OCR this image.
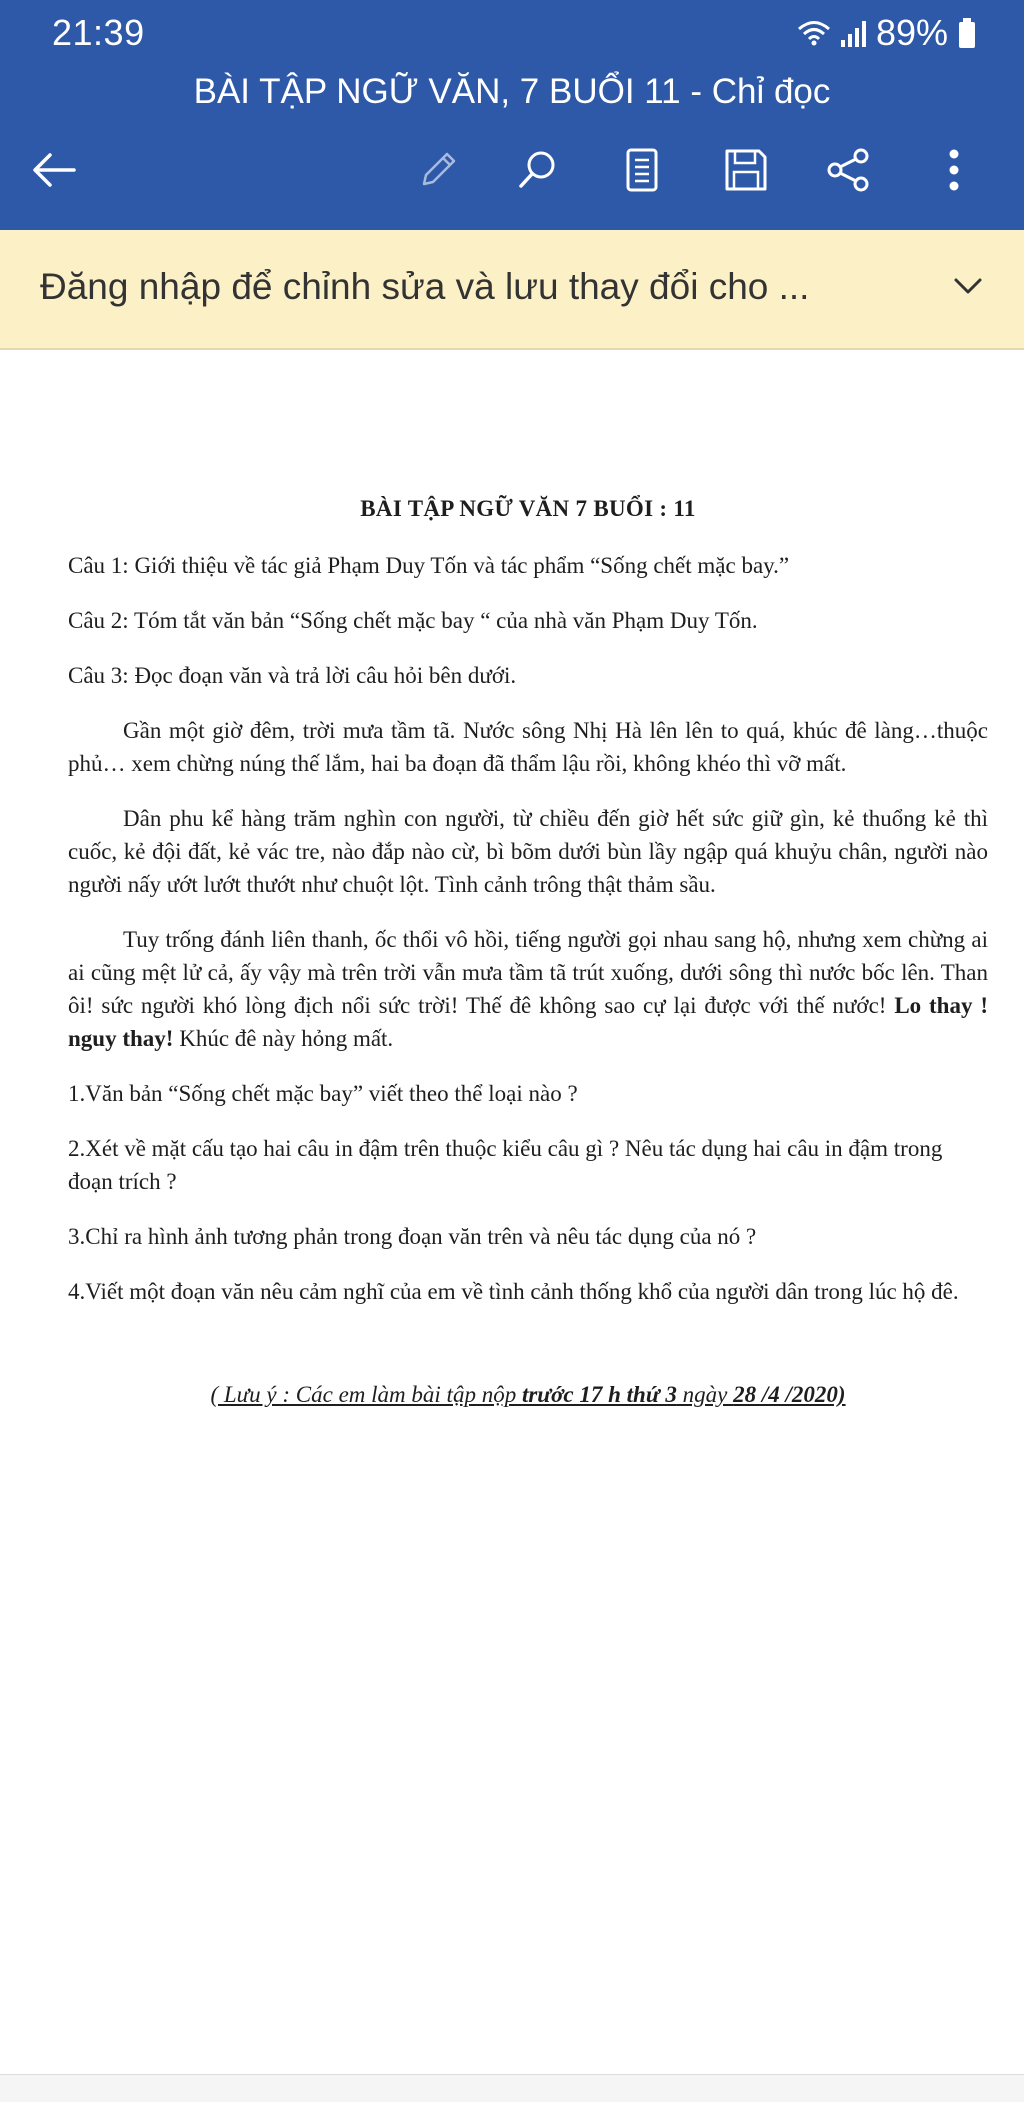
21:39	89%
BÀI TẬP NGỮ VĂN, 7 BUỔI 11 - Chỉ đọc
Đăng nhập để chỉnh sửa và lưu thay đổi cho ...
BÀI TẬP NGỮ VĂN 7 BUỔI : 11

Câu 1: Giới thiệu về tác giả Phạm Duy Tốn và tác phẩm “Sống chết mặc bay.”

Câu 2: Tóm tắt văn bản “Sống chết mặc bay “ của nhà văn Phạm Duy Tốn.

Câu 3: Đọc đoạn văn và trả lời câu hỏi bên dưới.

Gần một giờ đêm, trời mưa tầm tã. Nước sông Nhị Hà lên lên to quá, khúc đê làng…thuộc phủ… xem chừng núng thế lắm, hai ba đoạn đã thẩm lậu rồi, không khéo thì vỡ mất.

Dân phu kể hàng trăm nghìn con người, từ chiều đến giờ hết sức giữ gìn, kẻ thuổng kẻ thì cuốc, kẻ đội đất, kẻ vác tre, nào đắp nào cừ, bì bõm dưới bùn lầy ngập quá khuỷu chân, người nào người nấy ướt lướt thướt như chuột lột. Tình cảnh trông thật thảm sầu.

Tuy trống đánh liên thanh, ốc thổi vô hồi, tiếng người gọi nhau sang hộ, nhưng xem chừng ai ai cũng mệt lử cả, ấy vậy mà trên trời vẫn mưa tầm tã trút xuống, dưới sông thì nước bốc lên. Than ôi! sức người khó lòng địch nổi sức trời! Thế đê không sao cự lại được với thế nước! Lo thay ! nguy thay! Khúc đê này hỏng mất.

1.Văn bản “Sống chết mặc bay” viết theo thể loại nào ?

2.Xét về mặt cấu tạo hai câu in đậm trên thuộc kiểu câu gì ? Nêu tác dụng hai câu in đậm trong đoạn trích ?

3.Chỉ ra hình ảnh tương phản trong đoạn văn trên và nêu tác dụng của nó ?

4.Viết một đoạn văn nêu cảm nghĩ của em về tình cảnh thống khổ của người dân trong lúc hộ đê.

( Lưu ý : Các em làm bài tập nộp trước 17 h thứ 3 ngày 28 /4 /2020)
